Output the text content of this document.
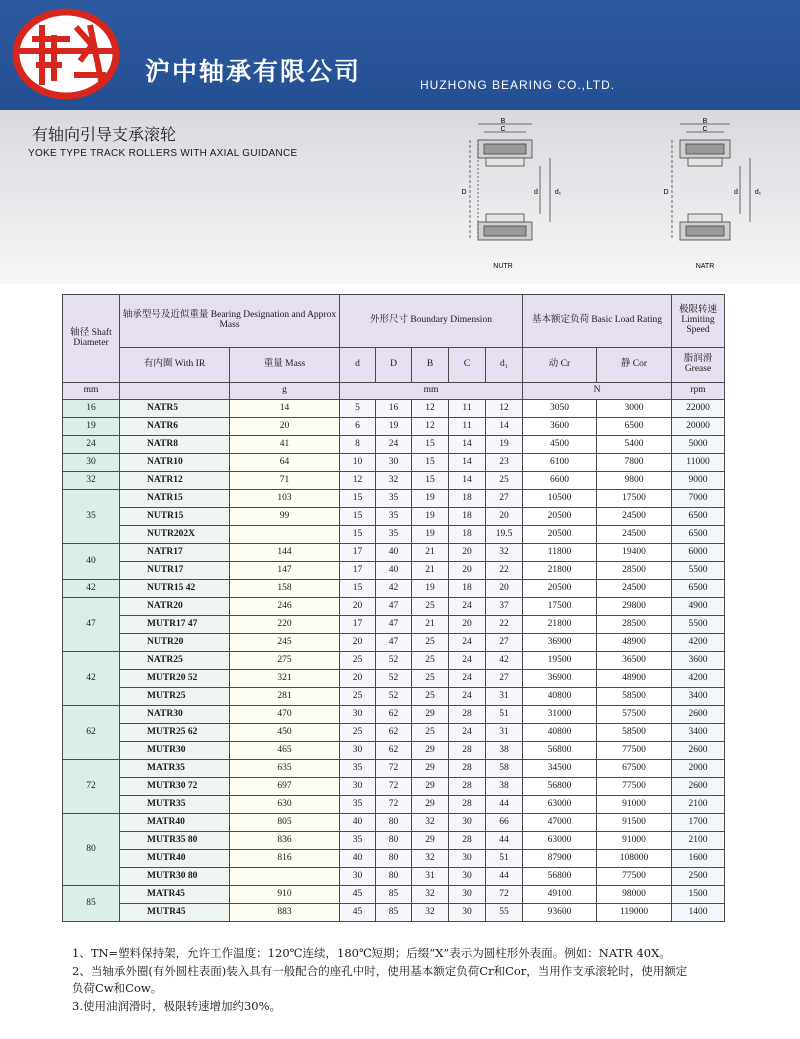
沪中轴承有限公司	HUZHONG BEARING CO.,LTD.
有轴向引导支承滚轮
YOKE TYPE TRACK ROLLERS WITH AXIAL GUIDANCE
B
C
D	d d₁
NUTR
B
C
D	d d₁
NATR
轴径 Shaft Diameter	轴承型号及近似重量 Bearing Designation and Approx Mass		外形尺寸 Boundary Dimension					基本额定负荷 Basic Load Rating		极限转速 Limiting Speed
	有内圈 With IR	重量 Mass	d	D	B	C	d₁	动 Cr	静 Cor	脂润滑 Grease
mm		g	mm					N		rpm
16	NATR5	14	5	16	12	11	12	3050	3000	22000
19	NATR6	20	6	19	12	11	14	3600	6500	20000
24	NATR8	41	8	24	15	14	19	4500	5400	5000
30	NATR10	64	10	30	15	14	23	6100	7800	11000
32	NATR12	71	12	32	15	14	25	6600	9800	9000
35	NATR15	103	15	35	19	18	27	10500	17500	7000
	NUTR15	99	15	35	19	18	20	20500	24500	6500
	NUTR202X		15	35	19	18	19.5	20500	24500	6500
40	NATR17	144	17	40	21	20	32	11800	19400	6000
	NUTR17	147	17	40	21	20	22	21800	28500	5500
42	NUTR15 42	158	15	42	19	18	20	20500	24500	6500
47	NATR20	246	20	47	25	24	37	17500	29800	4900
	MUTR17 47	220	17	47	21	20	22	21800	28500	5500
	NUTR20	245	20	47	25	24	27	36900	48900	4200
42	NATR25	275	25	52	25	24	42	19500	36500	3600
	MUTR20 52	321	20	52	25	24	27	36900	48900	4200
	MUTR25	281	25	52	25	24	31	40800	58500	3400
62	NATR30	470	30	62	29	28	51	31000	57500	2600
	MUTR25 62	450	25	62	25	24	31	40800	58500	3400
	MUTR30	465	30	62	29	28	38	56800	77500	2600
72	MATR35	635	35	72	29	28	58	34500	67500	2000
	MUTR30 72	697	30	72	29	28	38	56800	77500	2600
	MUTR35	630	35	72	29	28	44	63000	91000	2100
80	MATR40	805	40	80	32	30	66	47000	91500	1700
	MUTR35 80	836	35	80	29	28	44	63000	91000	2100
	MUTR40	816	40	80	32	30	51	87900	108000	1600
	MUTR30 80		30	80	31	30	44	56800	77500	2500
85	MATR45	910	45	85	32	30	72	49100	98000	1500
	MUTR45	883	45	85	32	30	55	93600	119000	1400
1、TN=塑料保持架，允许工作温度：120℃连续，180℃短期；后缀“X”表示为圆柱形外表面。例如：NATR 40X。
2、当轴承外圈(有外圆柱表面)装入具有一般配合的座孔中时，使用基本额定负荷Cr和Cor，当用作支承滚轮时，使用额定
负荷Cw和Cow。
3.使用油润滑时，极限转速增加约30%。
